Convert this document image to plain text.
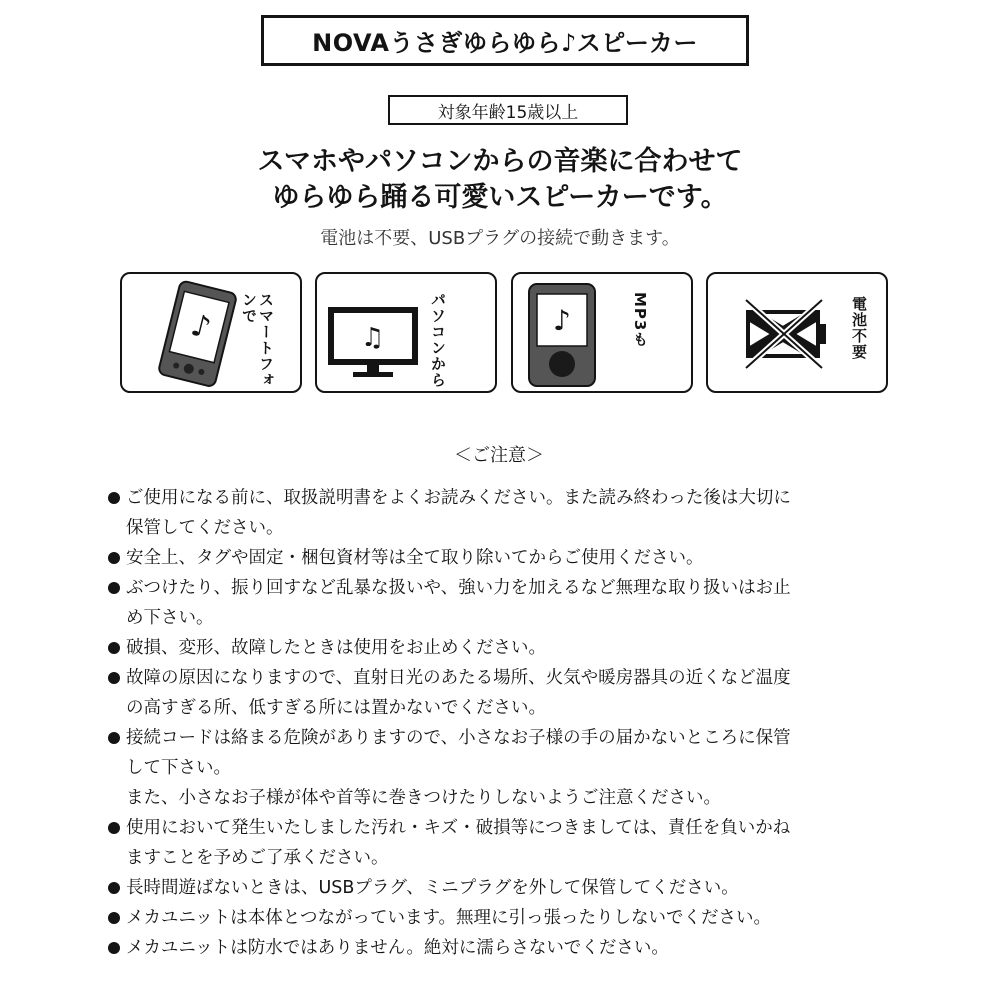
NOVAうさぎゆらゆら♪スピーカー
対象年齢15歳以上
スマホやパソコンからの音楽に合わせて
ゆらゆら踊る可愛いスピーカーです。
電池は不要、USBプラグの接続で動きます。
♪	スマートフォンで
♫	パソコンから
♪	MP3も
電池不要
＜ご注意＞
ご使用になる前に、取扱説明書をよくお読みください。また読み終わった後は大切に
保管してください。
安全上、タグや固定・梱包資材等は全て取り除いてからご使用ください。
ぶつけたり、振り回すなど乱暴な扱いや、強い力を加えるなど無理な取り扱いはお止
め下さい。
破損、変形、故障したときは使用をお止めください。
故障の原因になりますので、直射日光のあたる場所、火気や暖房器具の近くなど温度
の高すぎる所、低すぎる所には置かないでください。
接続コードは絡まる危険がありますので、小さなお子様の手の届かないところに保管
して下さい。
また、小さなお子様が体や首等に巻きつけたりしないようご注意ください。
使用において発生いたしました汚れ・キズ・破損等につきましては、責任を負いかね
ますことを予めご了承ください。
長時間遊ばないときは、USBプラグ、ミニプラグを外して保管してください。
メカユニットは本体とつながっています。無理に引っ張ったりしないでください。
メカユニットは防水ではありません。絶対に濡らさないでください。
